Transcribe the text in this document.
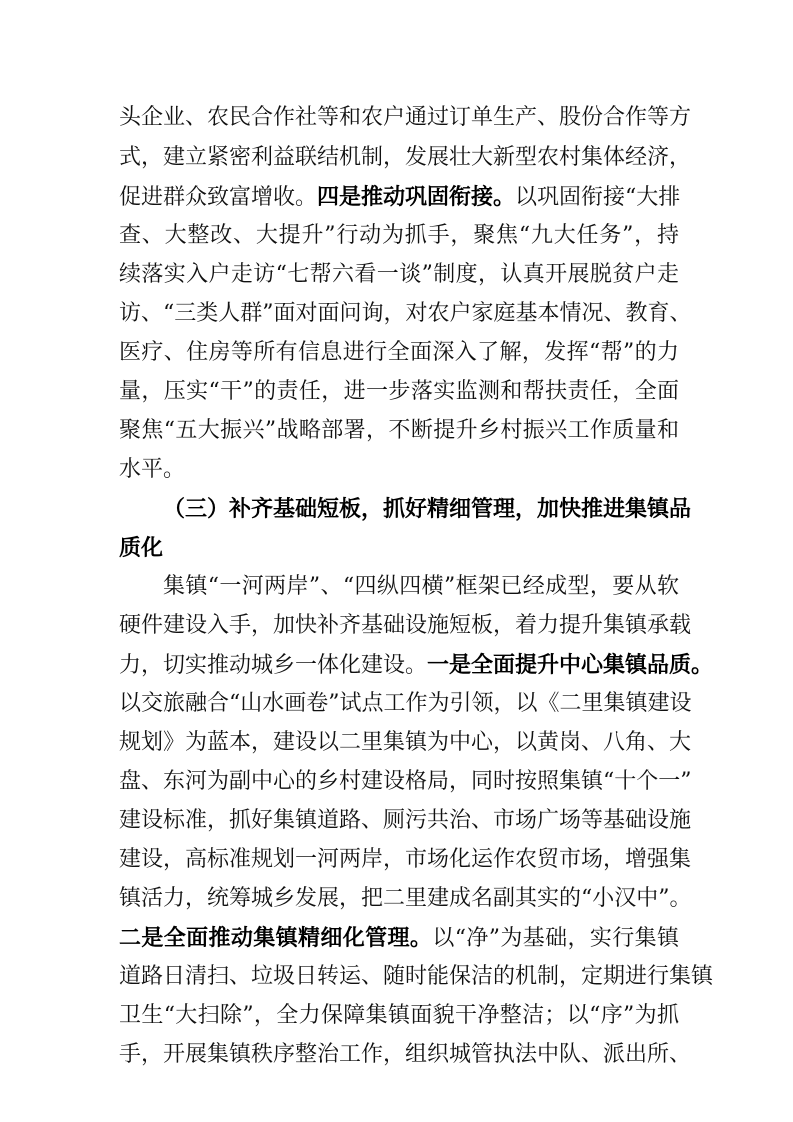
头企业、农民合作社等和农户通过订单生产、股份合作等方
式，建立紧密利益联结机制，发展壮大新型农村集体经济，
促进群众致富增收。四是推动巩固衔接。以巩固衔接“大排
查、大整改、大提升”行动为抓手，聚焦“九大任务”，持
续落实入户走访“七帮六看一谈”制度，认真开展脱贫户走
访、“三类人群”面对面问询，对农户家庭基本情况、教育、
医疗、住房等所有信息进行全面深入了解，发挥“帮”的力
量，压实“干”的责任，进一步落实监测和帮扶责任，全面
聚焦“五大振兴”战略部署，不断提升乡村振兴工作质量和
水平。
（三）补齐基础短板，抓好精细管理，加快推进集镇品
质化
集镇“一河两岸”、“四纵四横”框架已经成型，要从软
硬件建设入手，加快补齐基础设施短板，着力提升集镇承载
力，切实推动城乡一体化建设。一是全面提升中心集镇品质。
以交旅融合“山水画卷”试点工作为引领，以《二里集镇建设
规划》为蓝本，建设以二里集镇为中心，以黄岗、八角、大
盘、东河为副中心的乡村建设格局，同时按照集镇“十个一”
建设标准，抓好集镇道路、厕污共治、市场广场等基础设施
建设，高标准规划一河两岸，市场化运作农贸市场，增强集
镇活力，统筹城乡发展，把二里建成名副其实的“小汉中”。
二是全面推动集镇精细化管理。以“净”为基础，实行集镇
道路日清扫、垃圾日转运、随时能保洁的机制，定期进行集镇
卫生“大扫除”，全力保障集镇面貌干净整洁；以“序”为抓
手，开展集镇秩序整治工作，组织城管执法中队、派出所、
